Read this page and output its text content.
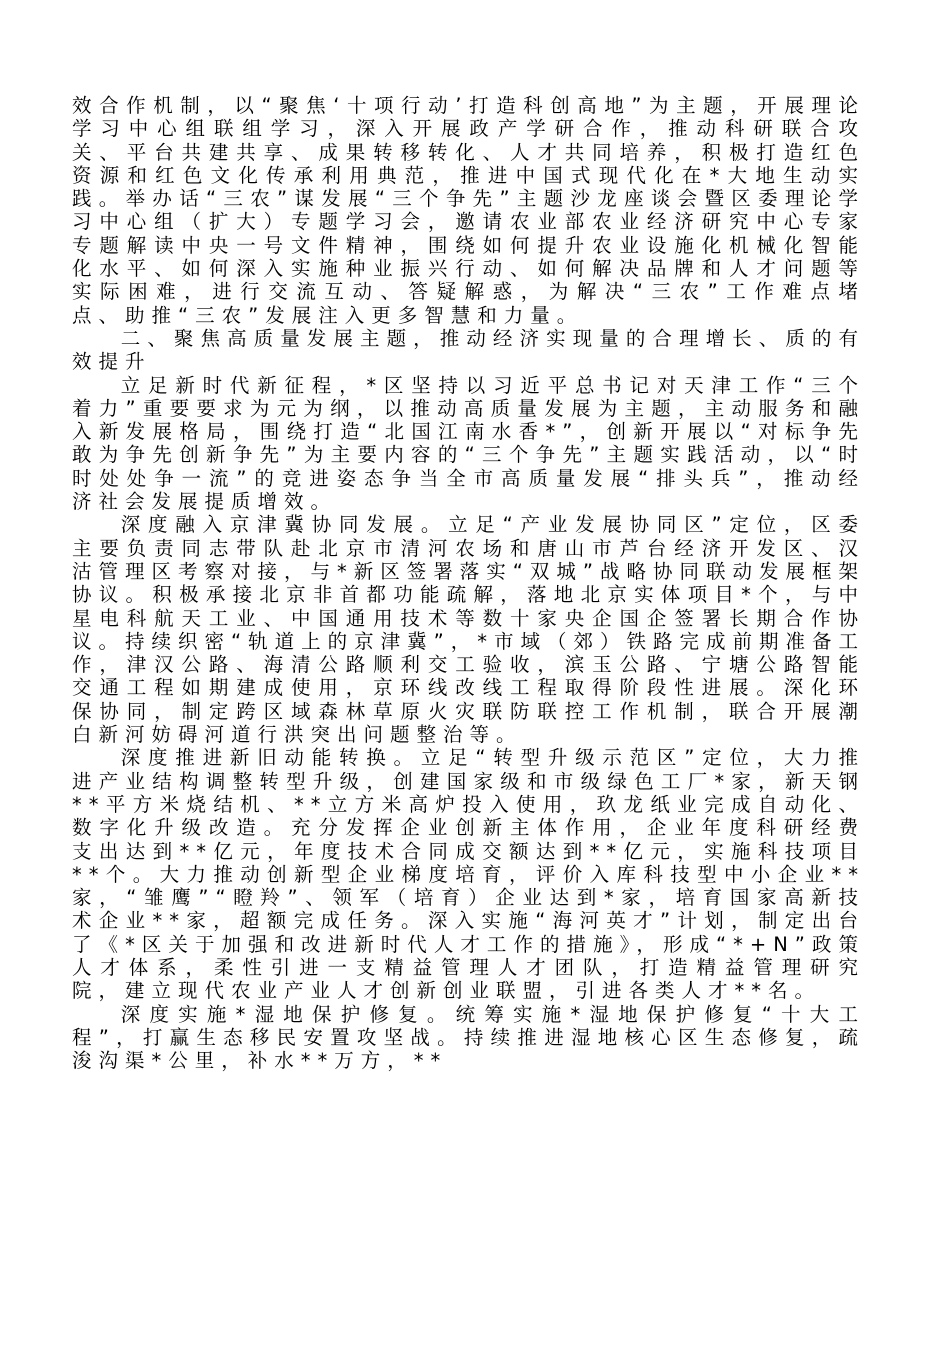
效合作机制，以“聚焦‘十项行动’打造科创高地”为主题，开展理论学习中心组联组学习，深入开展政产学研合作，推动科研联合攻关、平台共建共享、成果转移转化、人才共同培养，积极打造红色资源和红色文化传承利用典范，推进中国式现代化在*大地生动实践。举办话“三农”谋发展“三个争先”主题沙龙座谈会暨区委理论学习中心组（扩大）专题学习会，邀请农业部农业经济研究中心专家专题解读中央一号文件精神，围绕如何提升农业设施化机械化智能化水平、如何深入实施种业振兴行动、如何解决品牌和人才问题等实际困难，进行交流互动、答疑解惑，为解决“三农”工作难点堵点、助推“三农”发展注入更多智慧和力量。

二、聚焦高质量发展主题，推动经济实现量的合理增长、质的有效提升

立足新时代新征程，*区坚持以习近平总书记对天津工作“三个着力”重要要求为元为纲，以推动高质量发展为主题，主动服务和融入新发展格局，围绕打造“北国江南水香*”，创新开展以“对标争先敢为争先创新争先”为主要内容的“三个争先”主题实践活动，以“时时处处争一流”的竞进姿态争当全市高质量发展“排头兵”，推动经济社会发展提质增效。

深度融入京津冀协同发展。立足“产业发展协同区”定位，区委主要负责同志带队赴北京市清河农场和唐山市芦台经济开发区、汉沽管理区考察对接，与*新区签署落实“双城”战略协同联动发展框架协议。积极承接北京非首都功能疏解，落地北京实体项目*个，与中星电科航天工业、中国通用技术等数十家央企国企签署长期合作协议。持续织密“轨道上的京津冀”，*市域（郊）铁路完成前期准备工作，津汉公路、海清公路顺利交工验收，滨玉公路、宁塘公路智能交通工程如期建成使用，京环线改线工程取得阶段性进展。深化环保协同，制定跨区域森林草原火灾联防联控工作机制，联合开展潮白新河妨碍河道行洪突出问题整治等。

深度推进新旧动能转换。立足“转型升级示范区”定位，大力推进产业结构调整转型升级，创建国家级和市级绿色工厂*家，新天钢**平方米烧结机、**立方米高炉投入使用，玖龙纸业完成自动化、数字化升级改造。充分发挥企业创新主体作用，企业年度科研经费支出达到**亿元，年度技术合同成交额达到**亿元，实施科技项目**个。大力推动创新型企业梯度培育，评价入库科技型中小企业**家，“雏鹰”“瞪羚”、领军（培育）企业达到*家，培育国家高新技术企业**家，超额完成任务。深入实施“海河英才”计划，制定出台了《*区关于加强和改进新时代人才工作的措施》，形成“*+N”政策人才体系，柔性引进一支精益管理人才团队，打造精益管理研究院，建立现代农业产业人才创新创业联盟，引进各类人才**名。

深度实施*湿地保护修复。统筹实施*湿地保护修复“十大工程”，打赢生态移民安置攻坚战。持续推进湿地核心区生态修复，疏浚沟渠*公里，补水**万方，**
